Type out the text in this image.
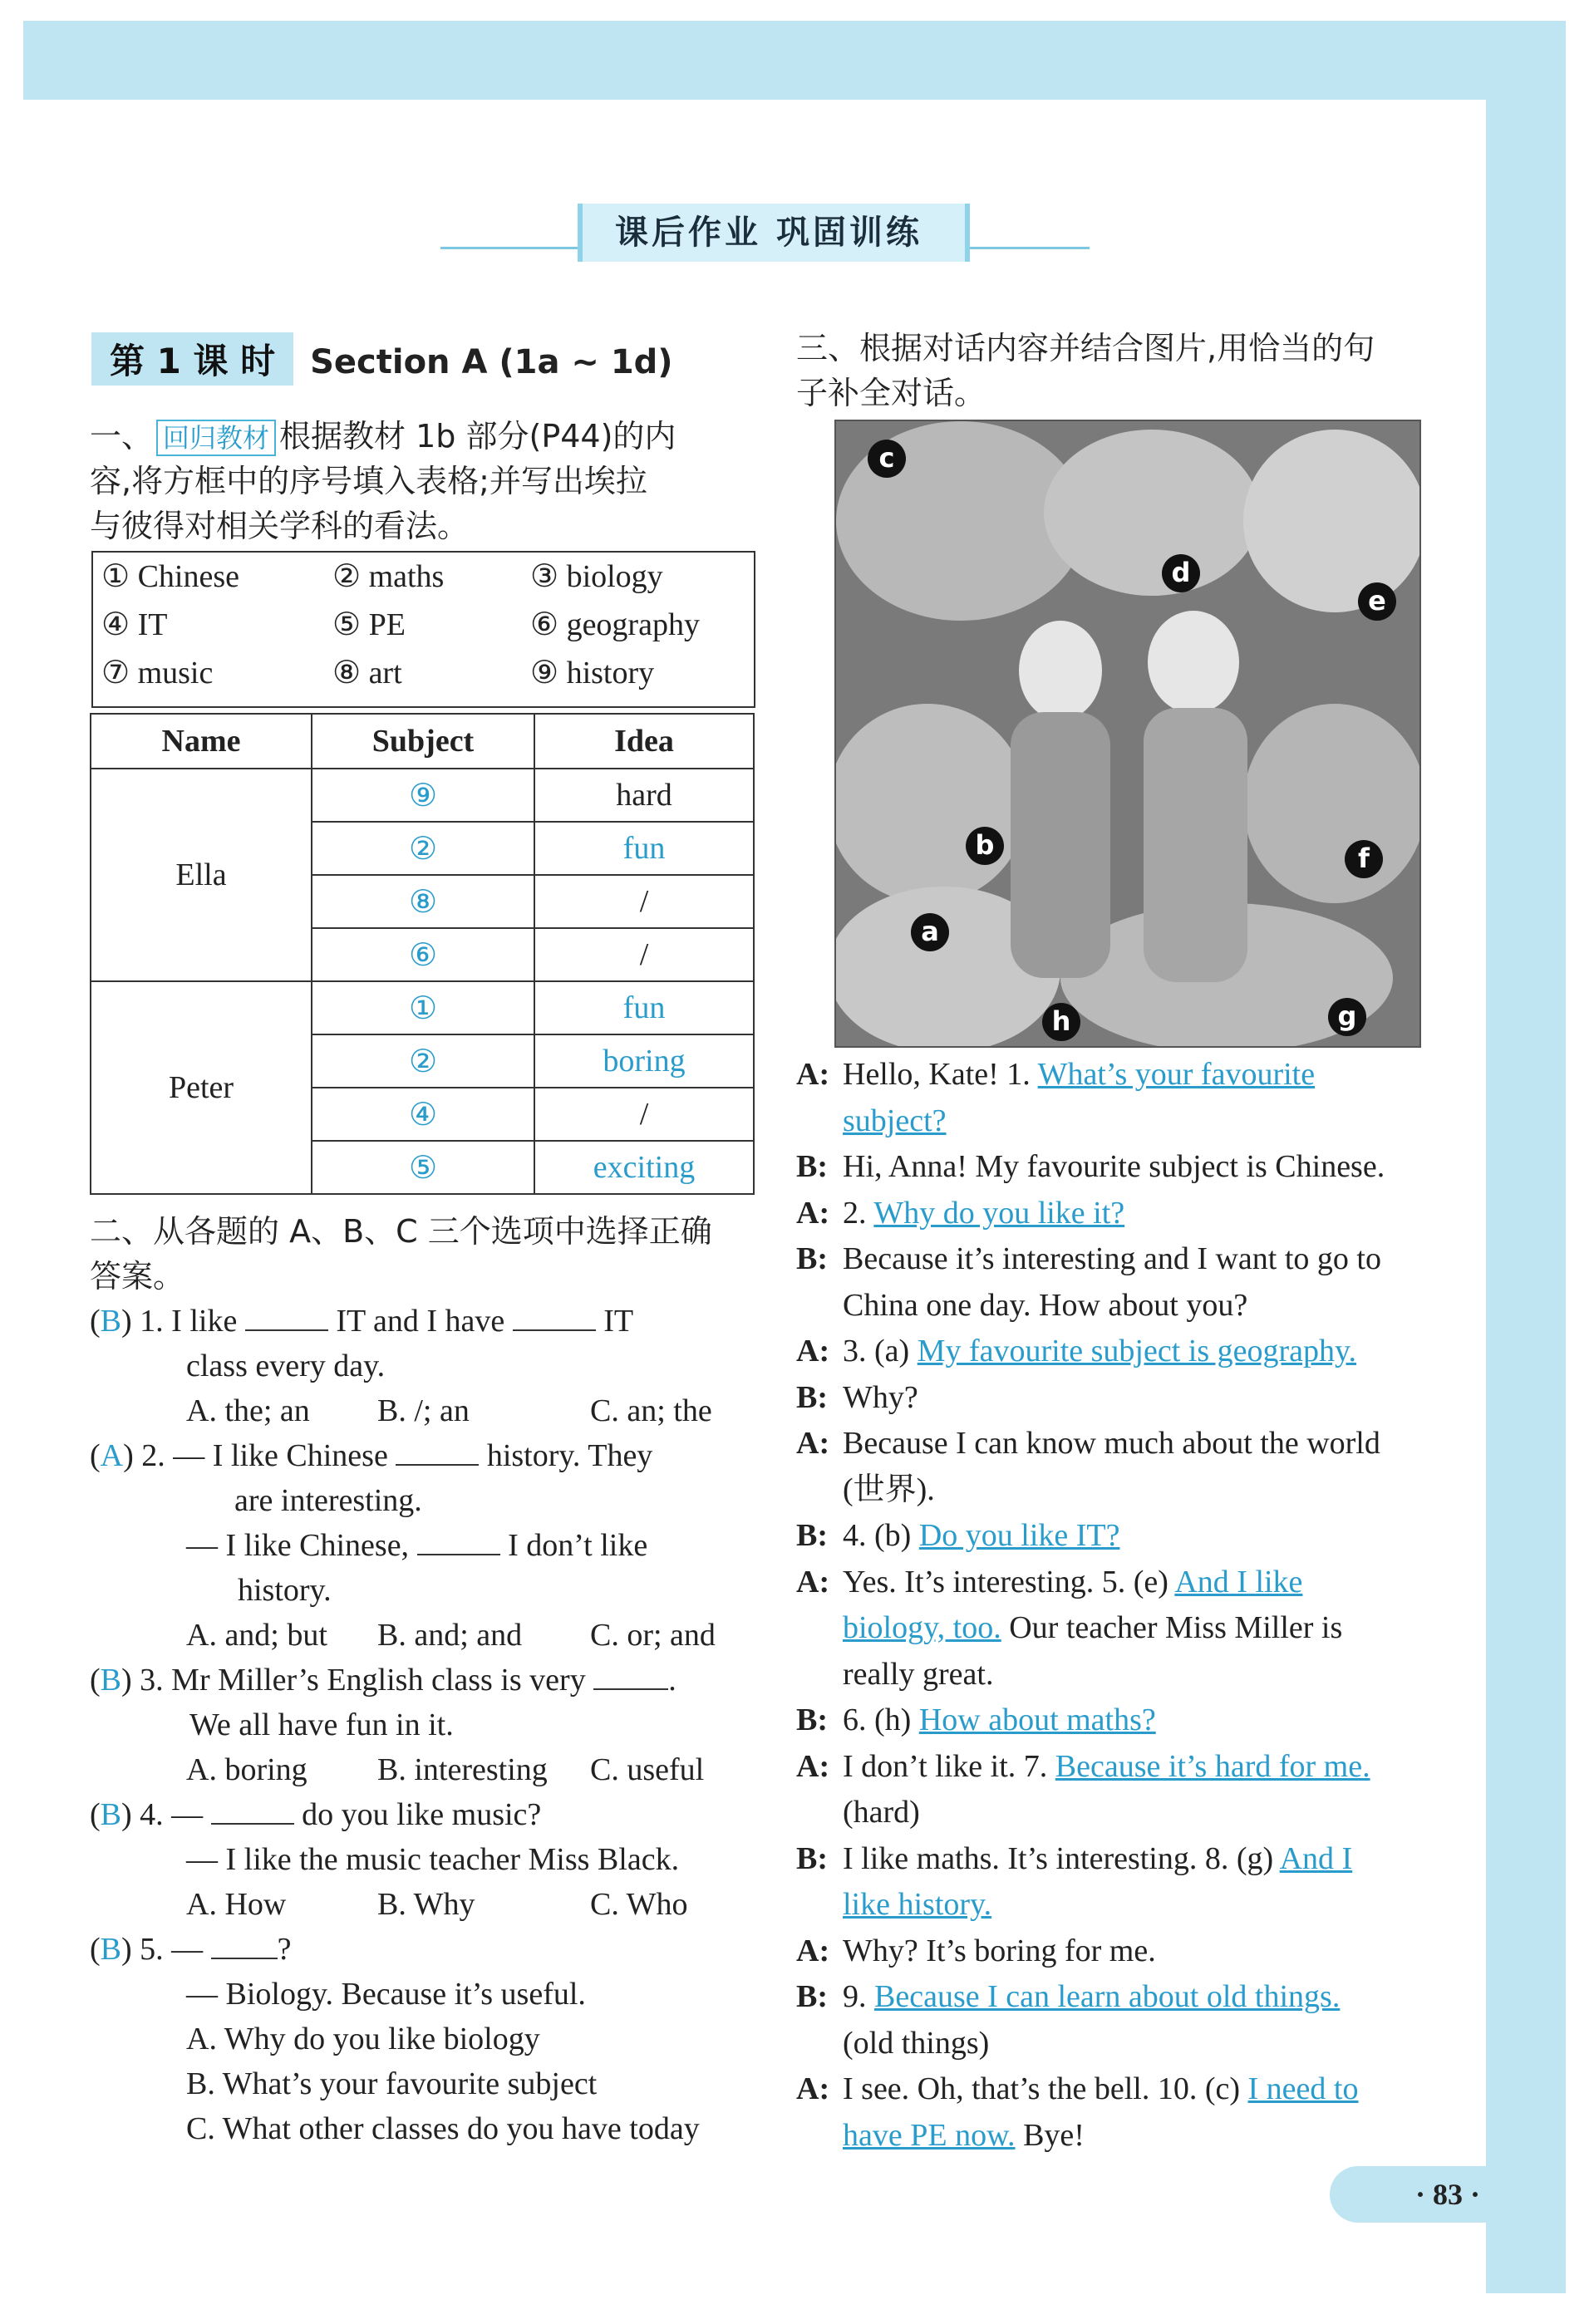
课后作业 巩固训练
第 1 课 时 Section A (1a ~ 1d)
一、 回归教材 根据教材 1b 部分(P44)的内
容,将方框中的序号填入表格;并写出埃拉
与彼得对相关学科的看法。
① Chinese	② maths	③ biology
④ IT	⑤ PE	⑥ geography
⑦ music	⑧ art	⑨ history
Name	Subject	Idea
Ella	⑨	hard
	②	fun
	⑧	/
	⑥	/
Peter	①	fun
	②	boring
	④	/
	⑤	exciting
二、从各题的 A、B、C 三个选项中选择正确
答案。
(B) 1. I like	IT and I have	IT
class every day.
A. the; an B. /; an	C. an; the
(A) 2. — I like Chinese	history. They
are interesting.
— I like Chinese,	I don’t like
history.
A. and; but B. and; and C. or; and
(B) 3. Mr Miller’s English class is very	.
We all have fun in it.
A. boring B. interesting C. useful
(B) 4. —	do you like music?
— I like the music teacher Miss Black.
A. How	B. Why	C. Who
(B) 5. — ?
— Biology. Because it’s useful.
A. Why do you like biology
B. What’s your favourite subject
C. What other classes do you have today
三、根据对话内容并结合图片,用恰当的句
子补全对话。
c
d
e
b	f
a
h	g
A: Hello, Kate! 1. What’s your favourite
subject?
B: Hi, Anna! My favourite subject is Chinese.
A: 2. Why do you like it?
B: Because it’s interesting and I want to go to
China one day. How about you?
A: 3. (a) My favourite subject is geography.
B: Why?
A: Because I can know much about the world
(世界).
B: 4. (b) Do you like IT?
A: Yes. It’s interesting. 5. (e) And I like
biology, too. Our teacher Miss Miller is
really great.
B: 6. (h) How about maths?
A: I don’t like it. 7. Because it’s hard for me.
(hard)
B: I like maths. It’s interesting. 8. (g) And I
like history.
A: Why? It’s boring for me.
B: 9. Because I can learn about old things.
(old things)
A: I see. Oh, that’s the bell. 10. (c) I need to
have PE now. Bye!
· 83 ·
